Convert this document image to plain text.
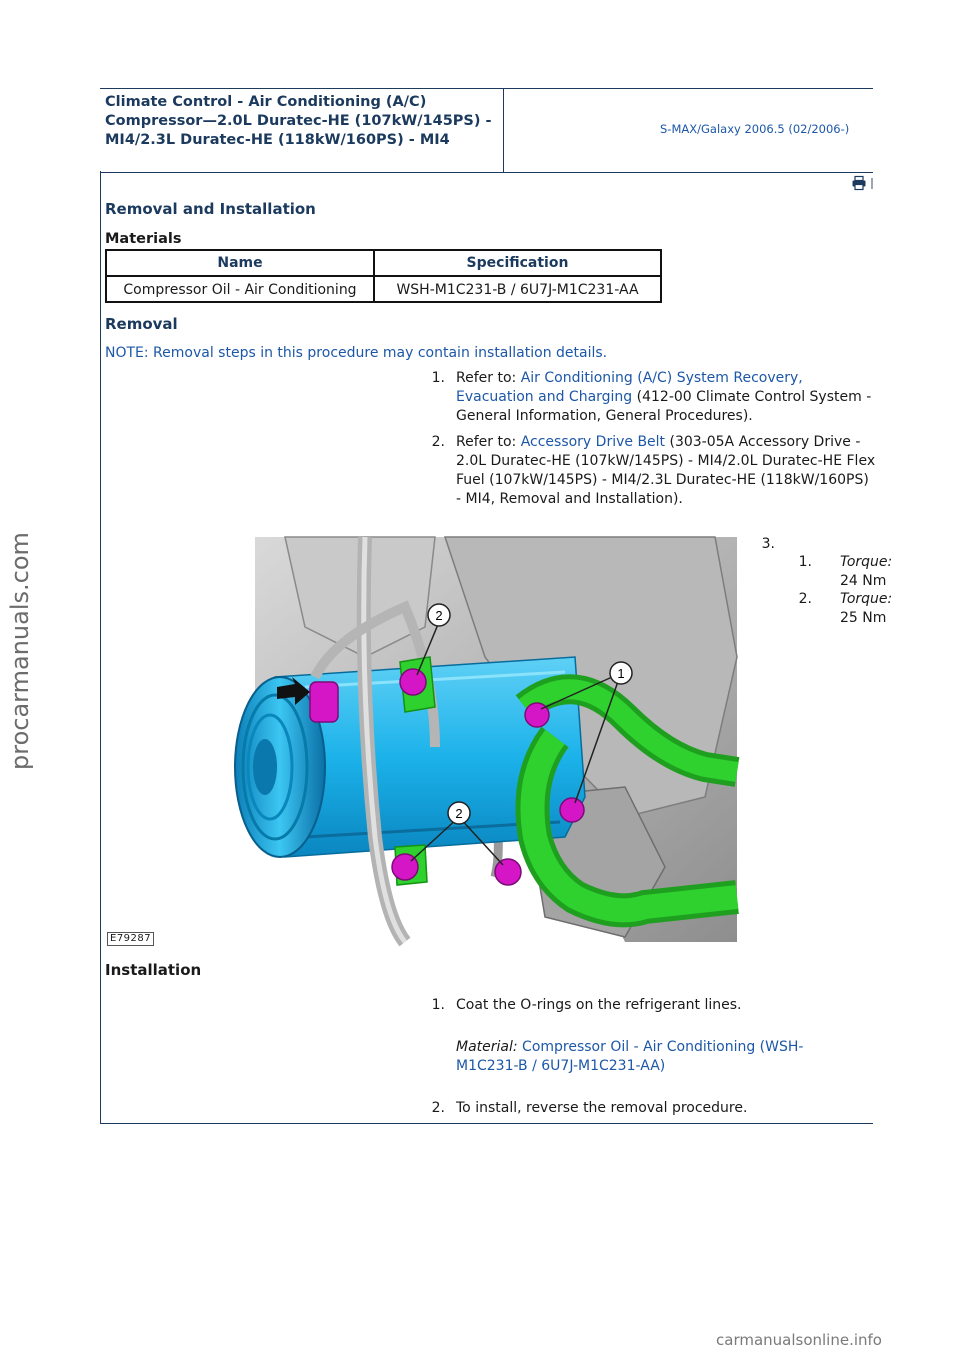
Climate Control - Air Conditioning (A/C) Compressor—2.0L Duratec-HE (107kW/145PS) - MI4/2.3L Duratec-HE (118kW/160PS) - MI4
S-MAX/Galaxy 2006.5 (02/2006-)
Removal and Installation
Materials
Name	Specification
Compressor Oil - Air Conditioning	WSH-M1C231-B / 6U7J-M1C231-AA
Removal
NOTE: Removal steps in this procedure may contain installation details.
1. Refer to: Air Conditioning (A/C) System Recovery, Evacuation and Charging (412-00 Climate Control System - General Information, General Procedures).
2. Refer to: Accessory Drive Belt (303-05A Accessory Drive - 2.0L Duratec-HE (107kW/145PS) - MI4/2.0L Duratec-HE Flex Fuel (107kW/145PS) - MI4/2.3L Duratec-HE (118kW/160PS) - MI4, Removal and Installation).
3.
1. Torque:
24 Nm
2. Torque:
25 Nm
2
1
2
E79287
Installation
1. Coat the O-rings on the refrigerant lines.
Material: Compressor Oil - Air Conditioning (WSH-M1C231-B / 6U7J-M1C231-AA)
2. To install, reverse the removal procedure.
procarmanuals.com
carmanualsonline.info
